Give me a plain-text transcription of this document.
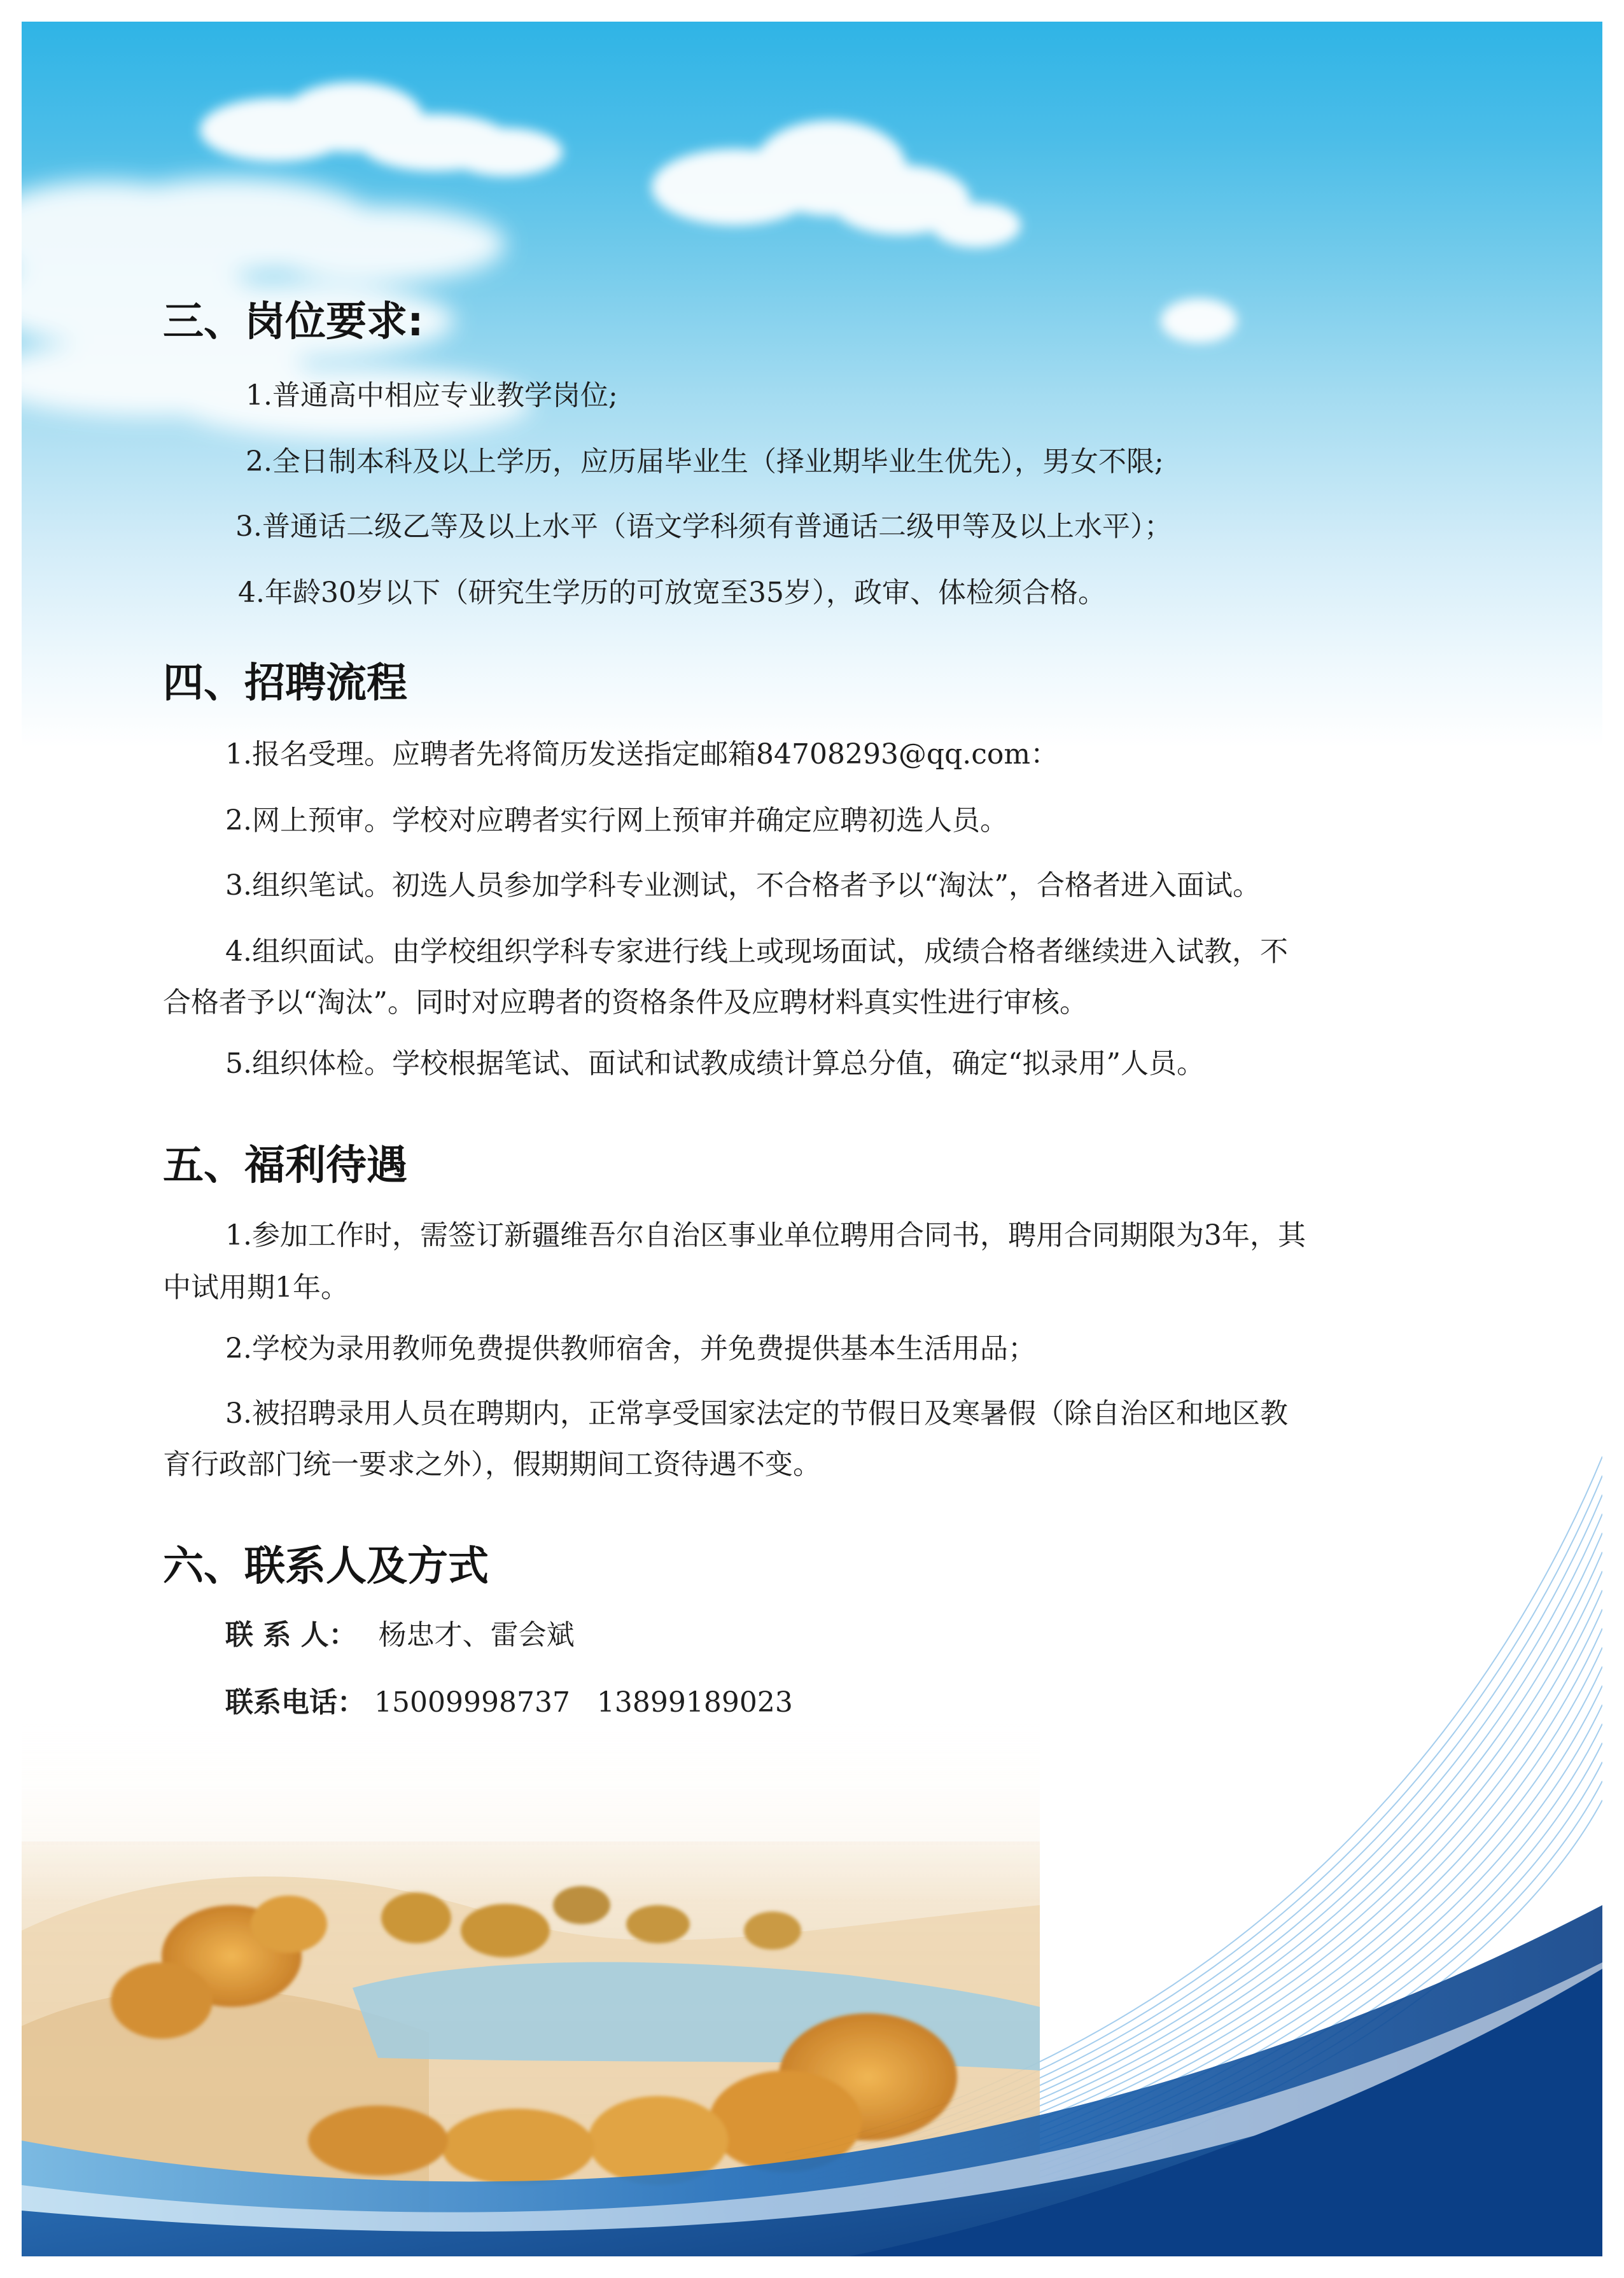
三、岗位要求:
1.普通高中相应专业教学岗位;
2.全日制本科及以上学历，应历届毕业生（择业期毕业生优先），男女不限;
3.普通话二级乙等及以上水平（语文学科须有普通话二级甲等及以上水平）；
4.年龄30岁以下（研究生学历的可放宽至35岁），政审、体检须合格。
四、招聘流程
1.报名受理。应聘者先将简历发送指定邮箱84708293@qq.com：
2.网上预审。学校对应聘者实行网上预审并确定应聘初选人员。
3.组织笔试。初选人员参加学科专业测试，不合格者予以“淘汰”，合格者进入面试。
4.组织面试。由学校组织学科专家进行线上或现场面试，成绩合格者继续进入试教，不
合格者予以“淘汰”。同时对应聘者的资格条件及应聘材料真实性进行审核。
5.组织体检。学校根据笔试、面试和试教成绩计算总分值，确定“拟录用”人员。
五、福利待遇
1.参加工作时，需签订新疆维吾尔自治区事业单位聘用合同书，聘用合同期限为3年，其
中试用期1年。
2.学校为录用教师免费提供教师宿舍，并免费提供基本生活用品；
3.被招聘录用人员在聘期内，正常享受国家法定的节假日及寒暑假（除自治区和地区教
育行政部门统一要求之外），假期期间工资待遇不变。
六、联系人及方式
联 系 人： 杨忠才、雷会斌
联系电话： 15009998737   13899189023
